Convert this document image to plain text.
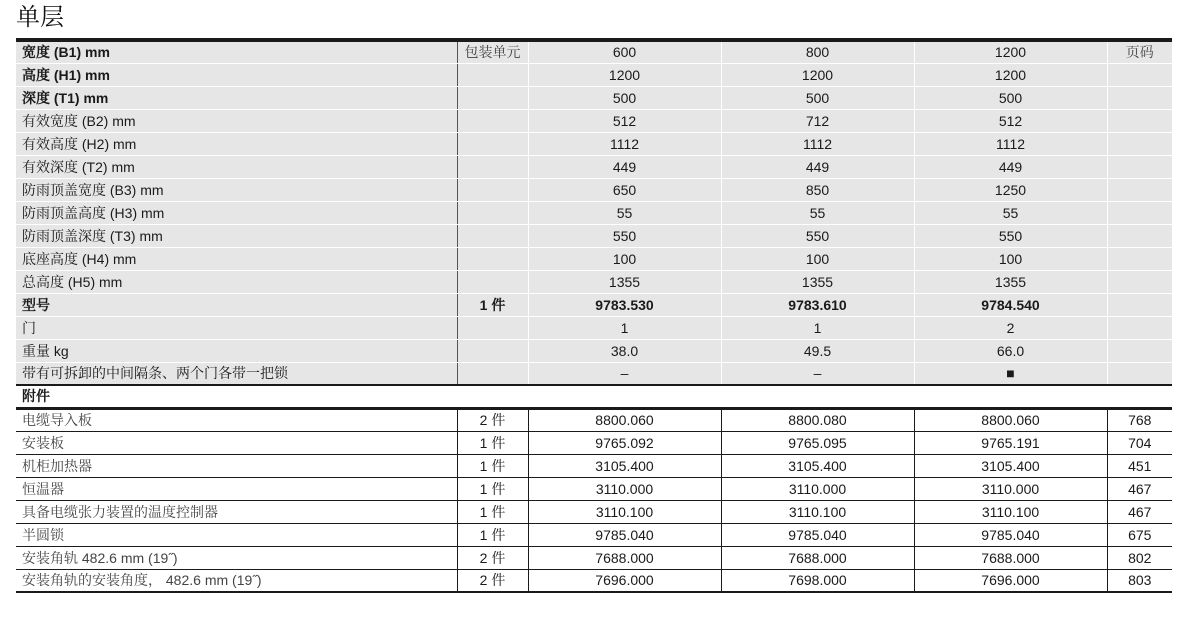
单层
宽度 (B1) mm	包装单元	600	800	1200	页码
高度 (H1) mm		1200	1200	1200	
深度 (T1) mm		500	500	500	
有效宽度 (B2) mm		512	712	512	
有效高度 (H2) mm		1112	1112	1112	
有效深度 (T2) mm		449	449	449	
防雨顶盖宽度 (B3) mm		650	850	1250	
防雨顶盖高度 (H3) mm		55	55	55	
防雨顶盖深度 (T3) mm		550	550	550	
底座高度 (H4) mm		100	100	100	
总高度 (H5) mm		1355	1355	1355	
型号	1 件	9783.530	9783.610	9784.540	
门		1	1	2	
重量 kg		38.0	49.5	66.0	
带有可拆卸的中间隔条、两个门各带一把锁		–	–	■	
附件					
电缆导入板	2 件	8800.060	8800.080	8800.060	768
安装板	1 件	9765.092	9765.095	9765.191	704
机柜加热器	1 件	3105.400	3105.400	3105.400	451
恒温器	1 件	3110.000	3110.000	3110.000	467
具备电缆张力装置的温度控制器	1 件	3110.100	3110.100	3110.100	467
半圆锁	1 件	9785.040	9785.040	9785.040	675
安装角轨 482.6 mm (19˝)	2 件	7688.000	7688.000	7688.000	802
安装角轨的安装角度， 482.6 mm (19˝)	2 件	7696.000	7698.000	7696.000	803
